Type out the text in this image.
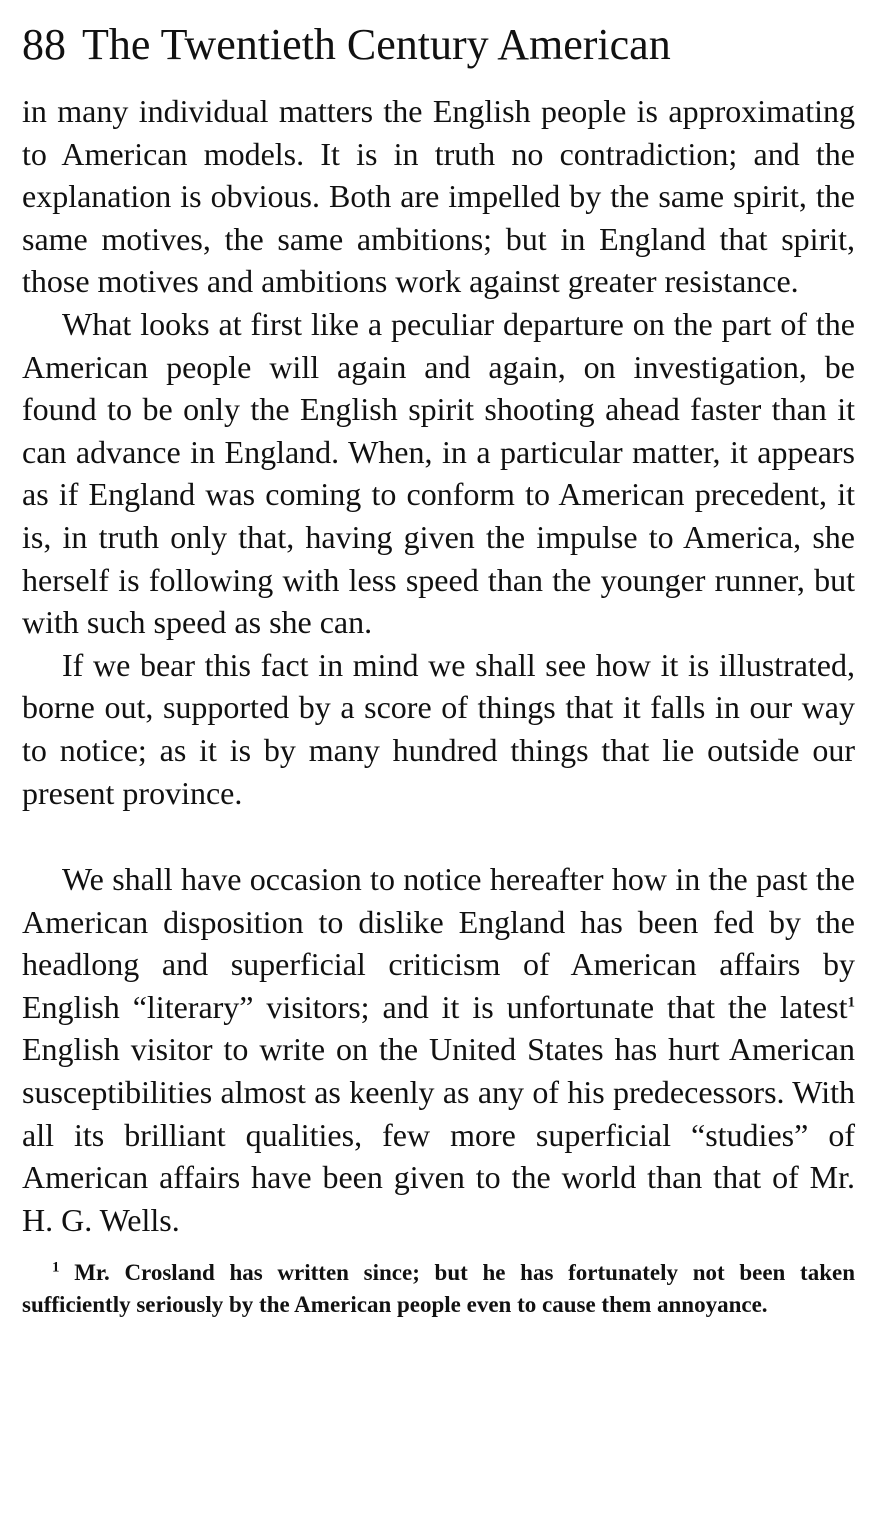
88 The Twentieth Century American

in many individual matters the English people is approximating to American models. It is in truth no contradiction; and the explanation is obvious. Both are impelled by the same spirit, the same motives, the same ambitions; but in England that spirit, those motives and ambitions work against greater resistance.

What looks at first like a peculiar departure on the part of the American people will again and again, on investigation, be found to be only the English spirit shooting ahead faster than it can advance in England. When, in a particular matter, it appears as if England was coming to conform to American precedent, it is, in truth only that, having given the impulse to America, she herself is following with less speed than the younger runner, but with such speed as she can.

If we bear this fact in mind we shall see how it is illustrated, borne out, supported by a score of things that it falls in our way to notice; as it is by many hundred things that lie outside our present province.

We shall have occasion to notice hereafter how in the past the American disposition to dislike England has been fed by the headlong and superficial criticism of American affairs by English “literary” visitors; and it is unfortunate that the latest$^1$ English visitor to write on the United States has hurt American susceptibilities almost as keenly as any of his predecessors. With all its brilliant qualities, few more superficial “studies” of American affairs have been given to the world than that of Mr. H. G. Wells.

$^1$ Mr. Crosland has written since; but he has fortunately not been taken sufficiently seriously by the American people even to cause them annoyance.
